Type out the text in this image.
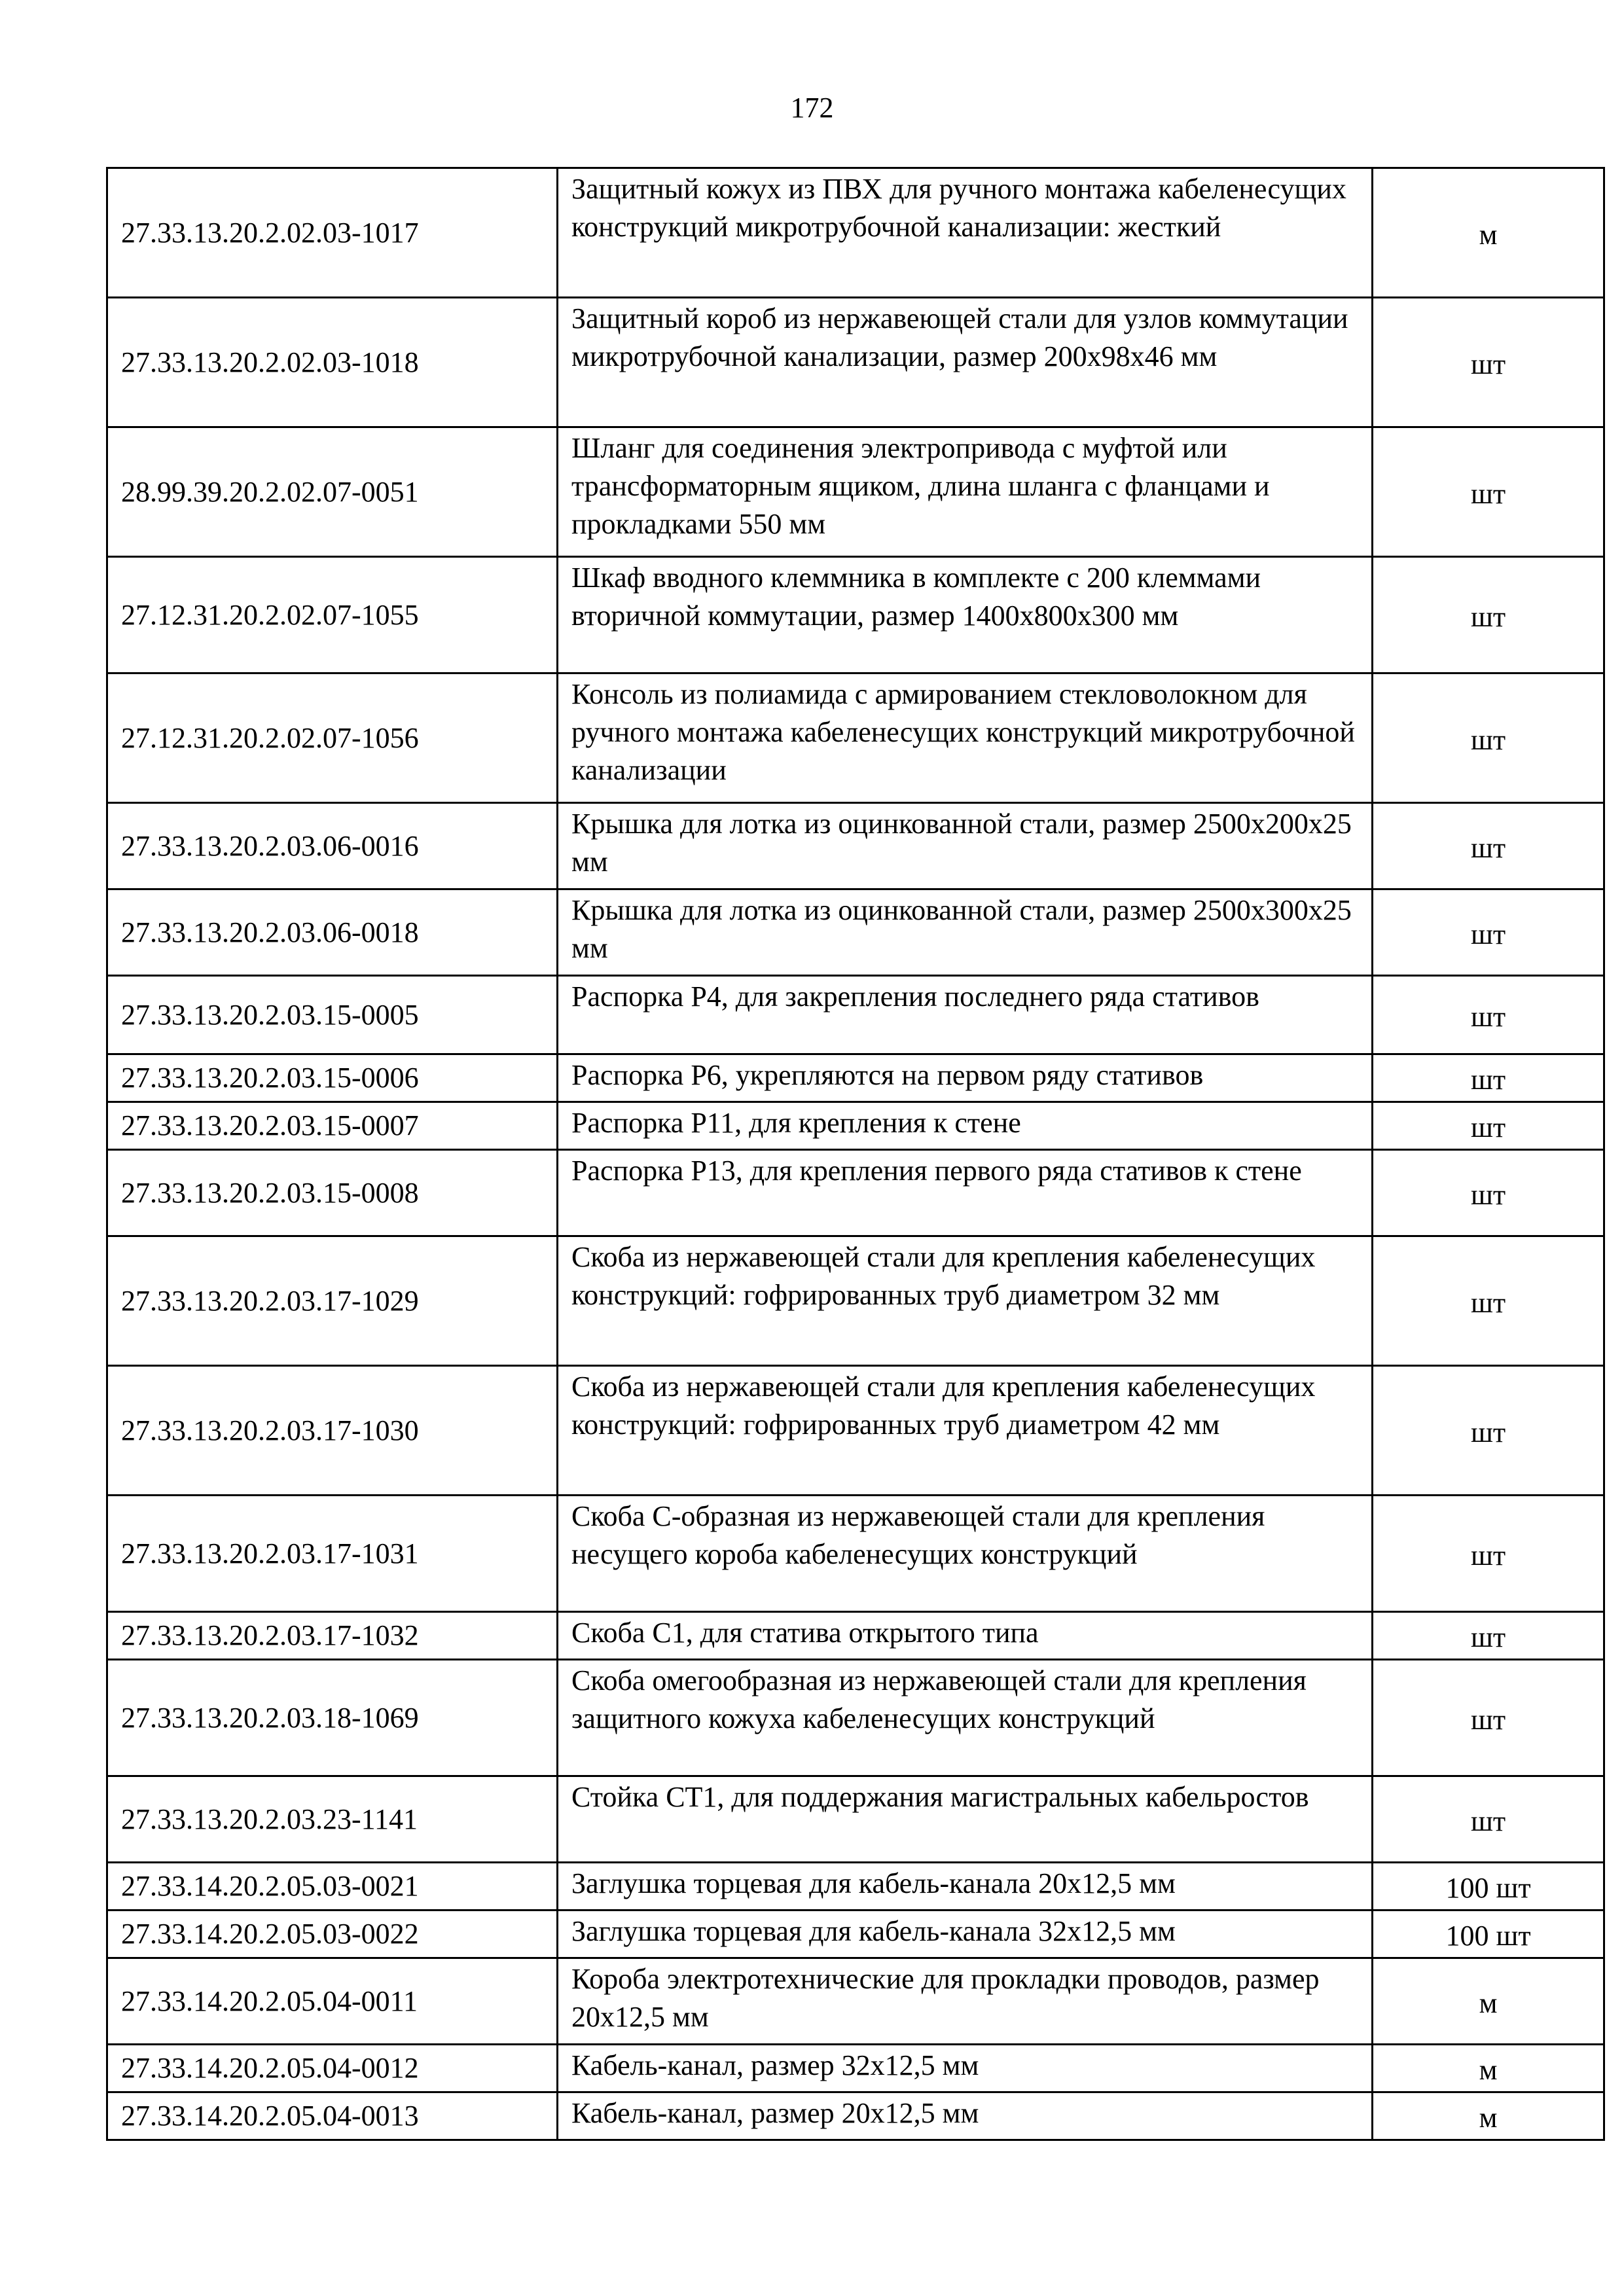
172
27.33.13.20.2.02.03-1017	Защитный кожух из ПВХ для ручного монтажа кабеленесущих конструкций микротрубочной канализации: жесткий	м
27.33.13.20.2.02.03-1018	Защитный короб из нержавеющей стали для узлов коммутации микротрубочной канализации, размер 200х98х46 мм	шт
28.99.39.20.2.02.07-0051	Шланг для соединения электропривода с муфтой или трансформаторным ящиком, длина шланга с фланцами и прокладками 550 мм	шт
27.12.31.20.2.02.07-1055	Шкаф вводного клеммника в комплекте с 200 клеммами вторичной коммутации, размер 1400х800х300 мм	шт
27.12.31.20.2.02.07-1056	Консоль из полиамида с армированием стекловолокном для ручного монтажа кабеленесущих конструкций микротрубочной канализации	шт
27.33.13.20.2.03.06-0016	Крышка для лотка из оцинкованной стали, размер 2500х200х25 мм	шт
27.33.13.20.2.03.06-0018	Крышка для лотка из оцинкованной стали, размер 2500х300х25 мм	шт
27.33.13.20.2.03.15-0005	Распорка Р4, для закрепления последнего ряда стативов	шт
27.33.13.20.2.03.15-0006	Распорка Р6, укрепляются на первом ряду стативов	шт
27.33.13.20.2.03.15-0007	Распорка Р11, для крепления к стене	шт
27.33.13.20.2.03.15-0008	Распорка Р13, для крепления первого ряда стативов к стене	шт
27.33.13.20.2.03.17-1029	Скоба из нержавеющей стали для крепления кабеленесущих конструкций: гофрированных труб диаметром 32 мм	шт
27.33.13.20.2.03.17-1030	Скоба из нержавеющей стали для крепления кабеленесущих конструкций: гофрированных труб диаметром 42 мм	шт
27.33.13.20.2.03.17-1031	Скоба С-образная из нержавеющей стали для крепления несущего короба кабеленесущих конструкций	шт
27.33.13.20.2.03.17-1032	Скоба С1, для статива открытого типа	шт
27.33.13.20.2.03.18-1069	Скоба омегообразная из нержавеющей стали для крепления защитного кожуха кабеленесущих конструкций	шт
27.33.13.20.2.03.23-1141	Стойка СТ1, для поддержания магистральных кабельростов	шт
27.33.14.20.2.05.03-0021	Заглушка торцевая для кабель-канала 20х12,5 мм	100 шт
27.33.14.20.2.05.03-0022	Заглушка торцевая для кабель-канала 32х12,5 мм	100 шт
27.33.14.20.2.05.04-0011	Короба электротехнические для прокладки проводов, размер 20х12,5 мм	м
27.33.14.20.2.05.04-0012	Кабель-канал, размер 32х12,5 мм	м
27.33.14.20.2.05.04-0013	Кабель-канал, размер 20х12,5 мм	м
